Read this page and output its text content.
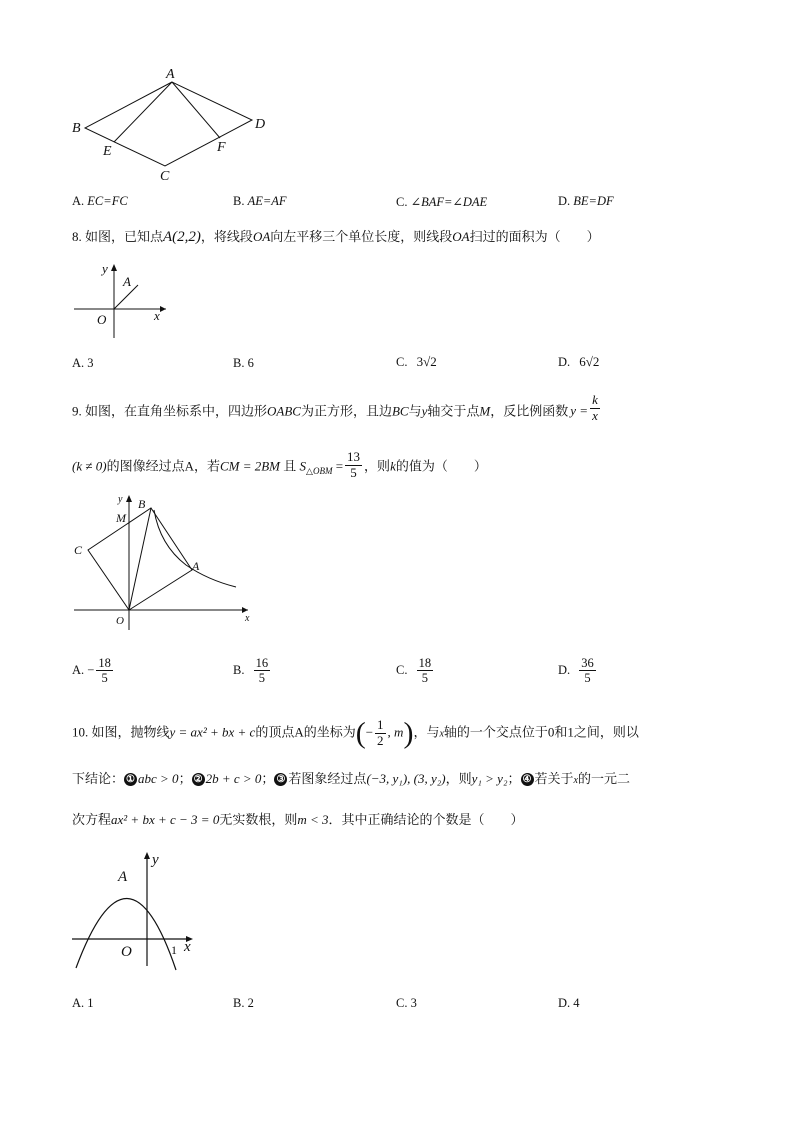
A
B
C
D
E	F
A. EC=FC	B. AE=AF	C. ∠BAF=∠DAE	D. BE=DF
8. 如图，已知点A(2,2)，将线段OA向左平移三个单位长度，则线段OA扫过的面积为（　　）
y
A
O	x
A. 3	B. 6	C. 3√2	D. 6√2
9. 如图，在直角坐标系中，四边形OABC为正方形，且边BC与y轴交于点M，反比例函数 $y = \frac{k}{x}$
(k ≠ 0)的图像经过点A，若CM = 2BM 且 $S_{\triangle OBM} = \frac{13}{5}$ ，则k的值为（　　）
y B
M
C
A
O	x
A. − $\frac{18}{5}$	B. $\frac{16}{5}$	C. $\frac{18}{5}$	D. $\frac{36}{5}$
10. 如图，抛物线y = ax² + bx + c的顶点A的坐标为(− $\frac{1}{2}$ , m)，与x轴的一个交点位于0和1之间，则以
下结论： ① abc > 0； ② 2b + c > 0； ③ 若图象经过点(−3, y₁), (3, y₂)，则y₁ > y₂； ④ 若关于x的一元二
次方程ax² + bx + c − 3 = 0无实数根，则m < 3．其中正确结论的个数是（　　）
y
A
O	1 x
A. 1	B. 2	C. 3	D. 4
